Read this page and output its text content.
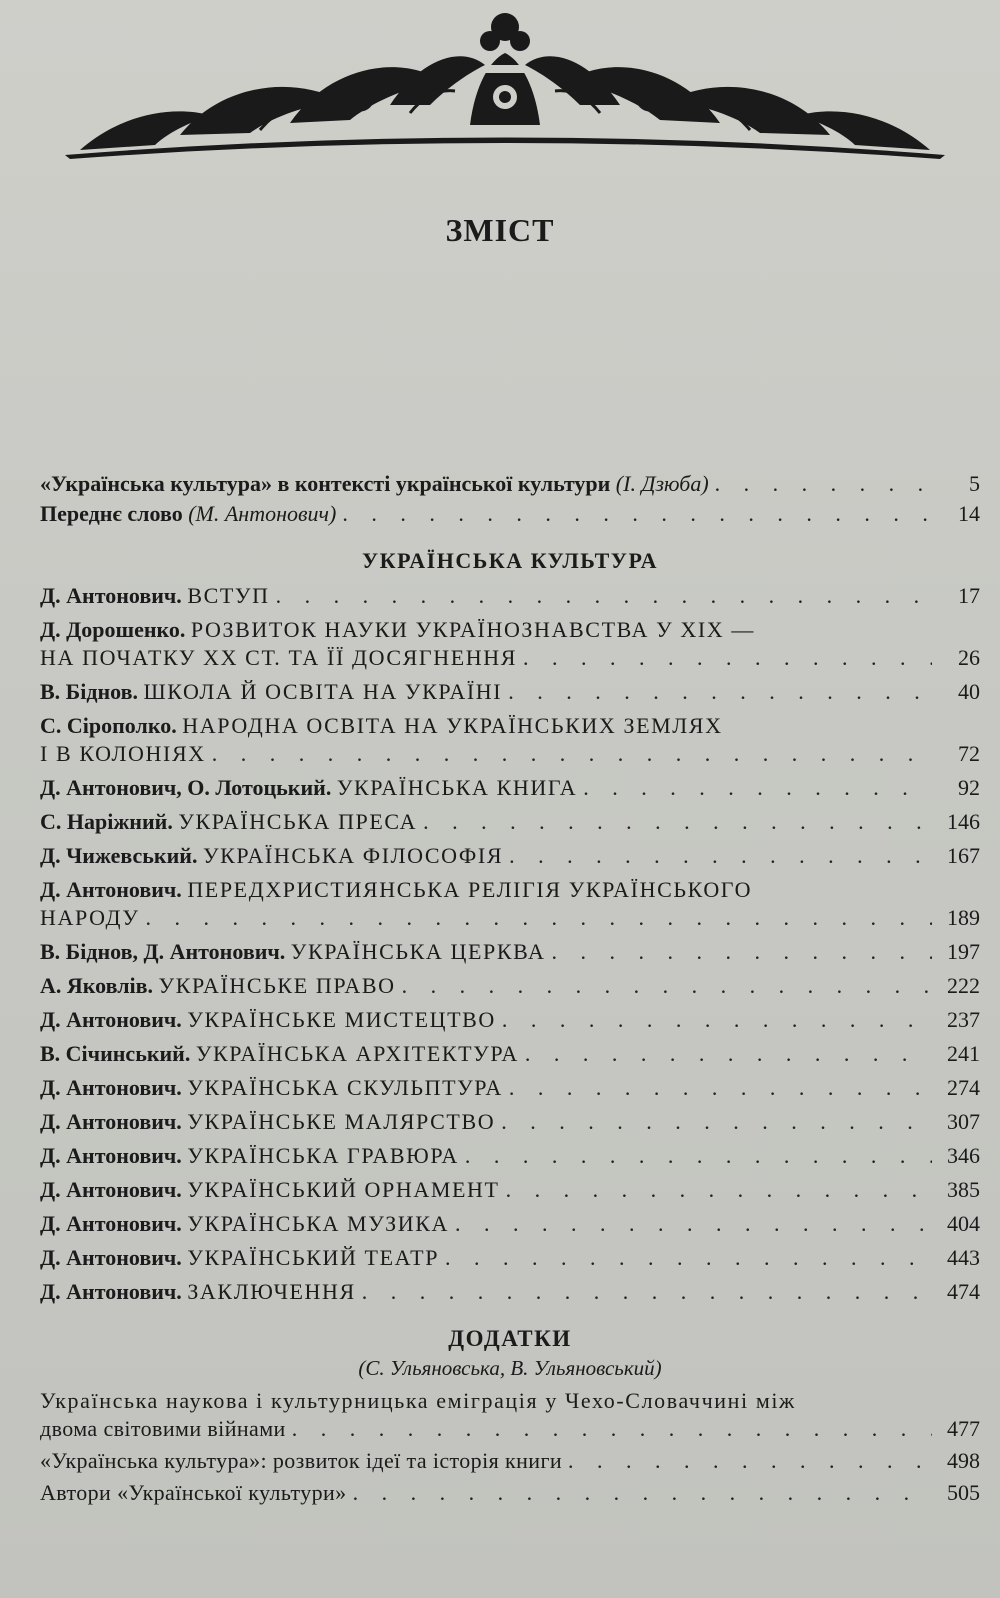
ЗМІСТ
«Українська культура» в контексті української культури (І. Дзюба) . . .	5
Переднє слово (М. Антонович) . . .	14
УКРАЇНСЬКА КУЛЬТУРА
Д. Антонович. ВСТУП . . .	17
Д. Дорошенко. РОЗВИТОК НАУКИ УКРАЇНОЗНАВСТВА У XIX —
НА ПОЧАТКУ XX СТ. ТА ЇЇ ДОСЯГНЕННЯ . . .	26
В. Біднов. ШКОЛА Й ОСВІТА НА УКРАЇНІ . . .	40
С. Сірополко. НАРОДНА ОСВІТА НА УКРАЇНСЬКИХ ЗЕМЛЯХ
І В КОЛОНІЯХ . . .	72
Д. Антонович, О. Лотоцький. УКРАЇНСЬКА КНИГА . . .	92
С. Наріжний. УКРАЇНСЬКА ПРЕСА . . .	146
Д. Чижевський. УКРАЇНСЬКА ФІЛОСОФІЯ . . .	167
Д. Антонович. ПЕРЕДХРИСТИЯНСЬКА РЕЛІГІЯ УКРАЇНСЬКОГО
НАРОДУ . . .	189
В. Біднов, Д. Антонович. УКРАЇНСЬКА ЦЕРКВА . . .	197
А. Яковлів. УКРАЇНСЬКЕ ПРАВО . . .	222
Д. Антонович. УКРАЇНСЬКЕ МИСТЕЦТВО . . .	237
В. Січинський. УКРАЇНСЬКА АРХІТЕКТУРА . . .	241
Д. Антонович. УКРАЇНСЬКА СКУЛЬПТУРА . . .	274
Д. Антонович. УКРАЇНСЬКЕ МАЛЯРСТВО . . .	307
Д. Антонович. УКРАЇНСЬКА ГРАВЮРА . . .	346
Д. Антонович. УКРАЇНСЬКИЙ ОРНАМЕНТ . . .	385
Д. Антонович. УКРАЇНСЬКА МУЗИКА . . .	404
Д. Антонович. УКРАЇНСЬКИЙ ТЕАТР . . .	443
Д. Антонович. ЗАКЛЮЧЕННЯ . . .	474
ДОДАТКИ
(С. Ульяновська, В. Ульяновський)
Українська наукова і культурницька еміграція у Чехо-Словаччині між
двома світовими війнами . . .	477
«Українська культура»: розвиток ідеї та історія книги . . .	498
Автори «Української культури» . . .	505
